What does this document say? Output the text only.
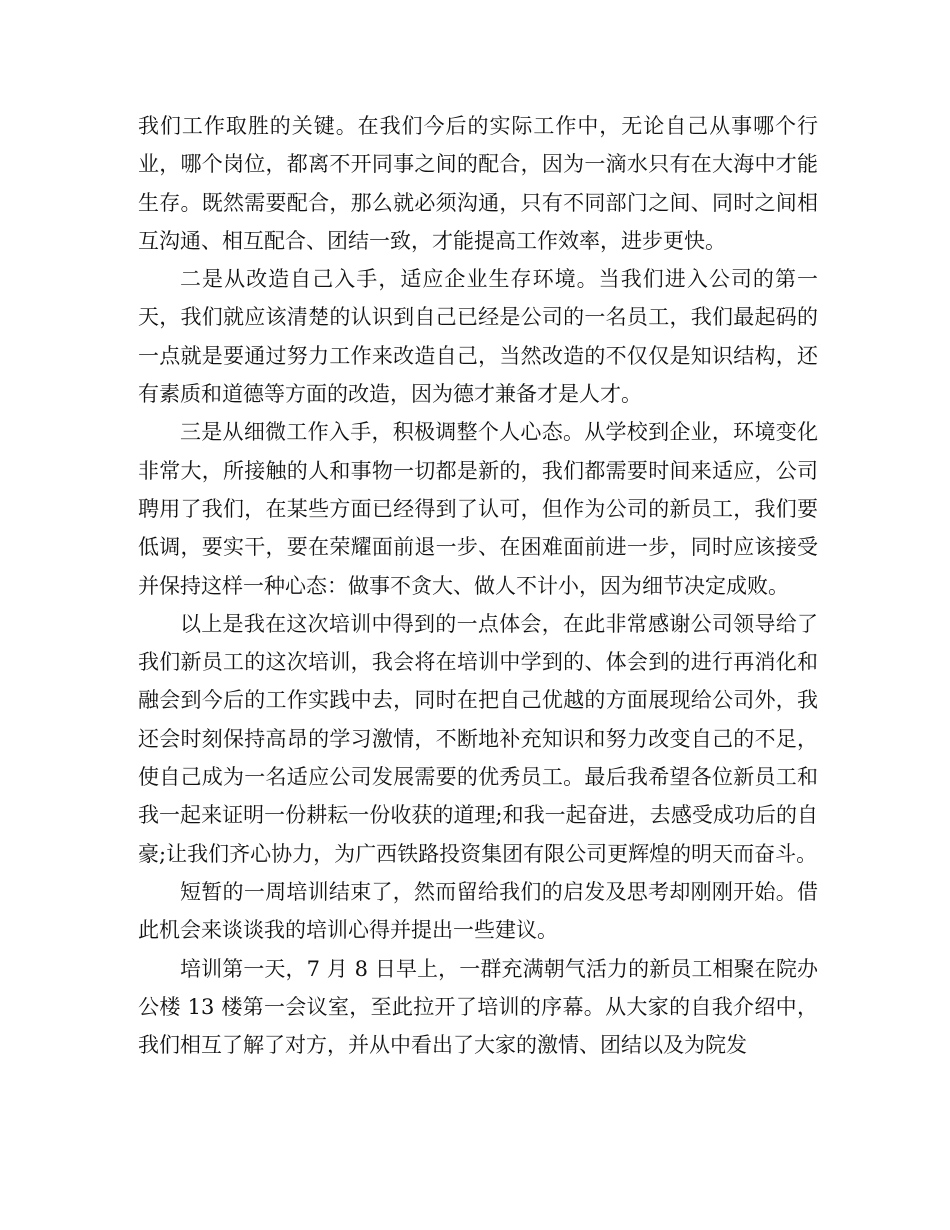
我们工作取胜的关键。在我们今后的实际工作中，无论自己从事哪个行业，哪个岗位，都离不开同事之间的配合，因为一滴水只有在大海中才能生存。既然需要配合，那么就必须沟通，只有不同部门之间、同时之间相互沟通、相互配合、团结一致，才能提高工作效率，进步更快。

二是从改造自己入手，适应企业生存环境。当我们进入公司的第一天，我们就应该清楚的认识到自己已经是公司的一名员工，我们最起码的一点就是要通过努力工作来改造自己，当然改造的不仅仅是知识结构，还有素质和道德等方面的改造，因为德才兼备才是人才。

三是从细微工作入手，积极调整个人心态。从学校到企业，环境变化非常大，所接触的人和事物一切都是新的，我们都需要时间来适应，公司聘用了我们，在某些方面已经得到了认可，但作为公司的新员工，我们要低调，要实干，要在荣耀面前退一步、在困难面前进一步，同时应该接受并保持这样一种心态：做事不贪大、做人不计小，因为细节决定成败。

以上是我在这次培训中得到的一点体会，在此非常感谢公司领导给了我们新员工的这次培训，我会将在培训中学到的、体会到的进行再消化和融会到今后的工作实践中去，同时在把自己优越的方面展现给公司外，我还会时刻保持高昂的学习激情，不断地补充知识和努力改变自己的不足，使自己成为一名适应公司发展需要的优秀员工。最后我希望各位新员工和我一起来证明一份耕耘一份收获的道理;和我一起奋进，去感受成功后的自豪;让我们齐心协力，为广西铁路投资集团有限公司更辉煌的明天而奋斗。

短暂的一周培训结束了，然而留给我们的启发及思考却刚刚开始。借此机会来谈谈我的培训心得并提出一些建议。

培训第一天，7 月 8 日早上，一群充满朝气活力的新员工相聚在院办公楼 13 楼第一会议室，至此拉开了培训的序幕。从大家的自我介绍中，我们相互了解了对方，并从中看出了大家的激情、团结以及为院发
